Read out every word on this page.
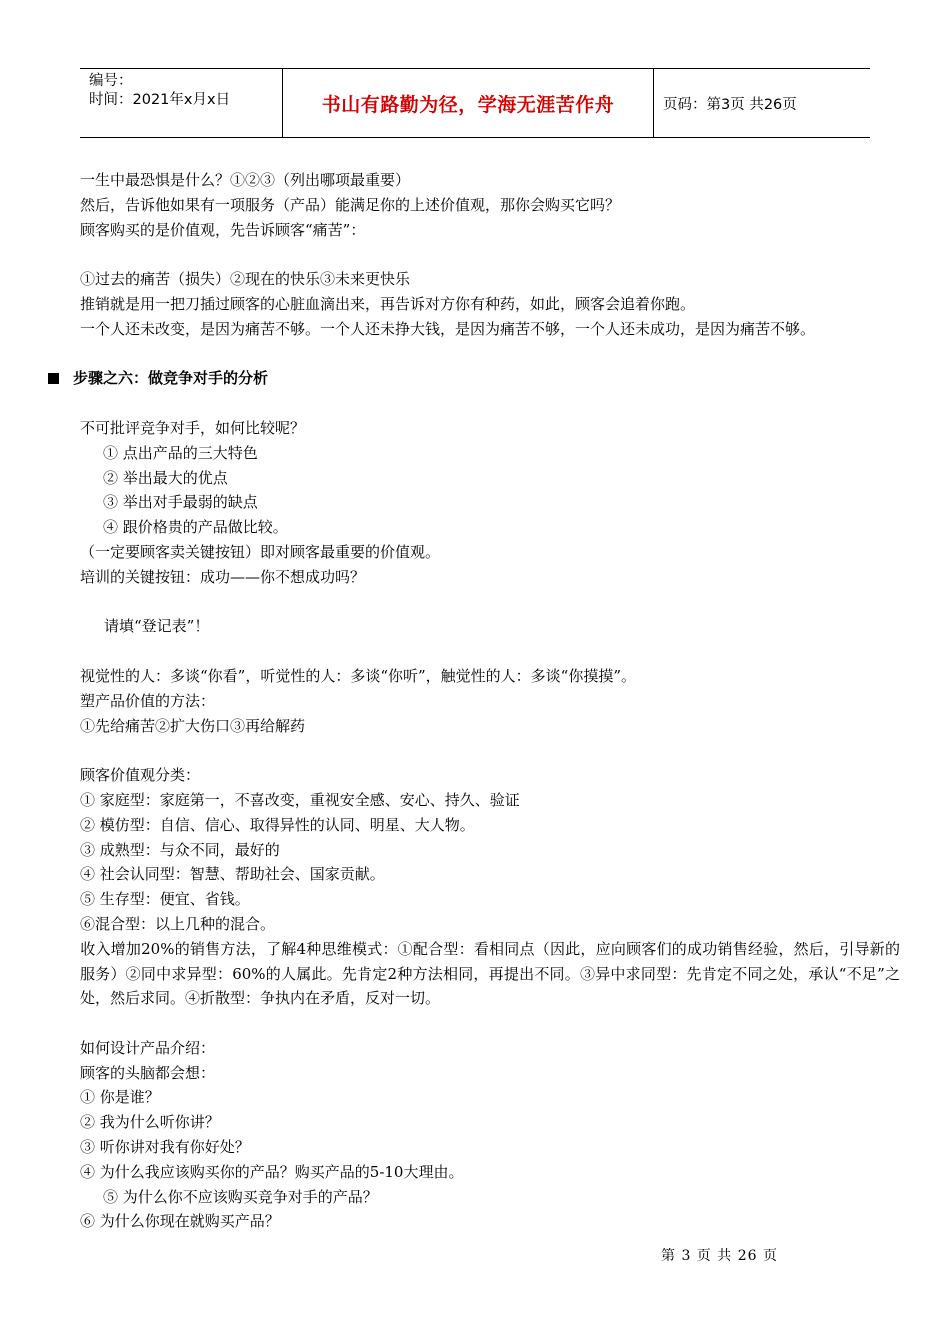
编号：
时间：2021年x月x日	书山有路勤为径，学海无涯苦作舟	页码：第3页 共26页

一生中最恐惧是什么？①②③（列出哪项最重要）

然后，告诉他如果有一项服务（产品）能满足你的上述价值观，那你会购买它吗？

顾客购买的是价值观，先告诉顾客“痛苦”：

①过去的痛苦（损失）②现在的快乐③未来更快乐

推销就是用一把刀插过顾客的心脏血滴出来，再告诉对方你有种药，如此，顾客会追着你跑。

一个人还未改变，是因为痛苦不够。一个人还未挣大钱，是因为痛苦不够，一个人还未成功，是因为痛苦不够。

步骤之六：做竞争对手的分析

不可批评竞争对手，如何比较呢？

① 点出产品的三大特色

② 举出最大的优点

③ 举出对手最弱的缺点

④ 跟价格贵的产品做比较。

（一定要顾客卖关键按钮）即对顾客最重要的价值观。

培训的关键按钮：成功——你不想成功吗？

请填“登记表”！

视觉性的人：多谈“你看”，听觉性的人：多谈“你听”，触觉性的人：多谈“你摸摸”。

塑产品价值的方法：

①先给痛苦②扩大伤口③再给解药

顾客价值观分类：

① 家庭型：家庭第一，不喜改变，重视安全感、安心、持久、验证

② 模仿型：自信、信心、取得异性的认同、明星、大人物。

③ 成熟型：与众不同，最好的

④ 社会认同型：智慧、帮助社会、国家贡献。

⑤ 生存型：便宜、省钱。

⑥混合型：以上几种的混合。

收入增加20%的销售方法，了解4种思维模式：①配合型：看相同点（因此，应向顾客们的成功销售经验，然后，引导新的服务）②同中求异型：60%的人属此。先肯定2种方法相同，再提出不同。③异中求同型：先肯定不同之处，承认“不足”之处，然后求同。④折散型：争执内在矛盾，反对一切。

如何设计产品介绍：

顾客的头脑都会想：

① 你是谁？

② 我为什么听你讲？

③ 听你讲对我有你好处？

④ 为什么我应该购买你的产品？购买产品的5-10大理由。

⑤ 为什么你不应该购买竞争对手的产品？

⑥ 为什么你现在就购买产品？

第 3 页 共 26 页
